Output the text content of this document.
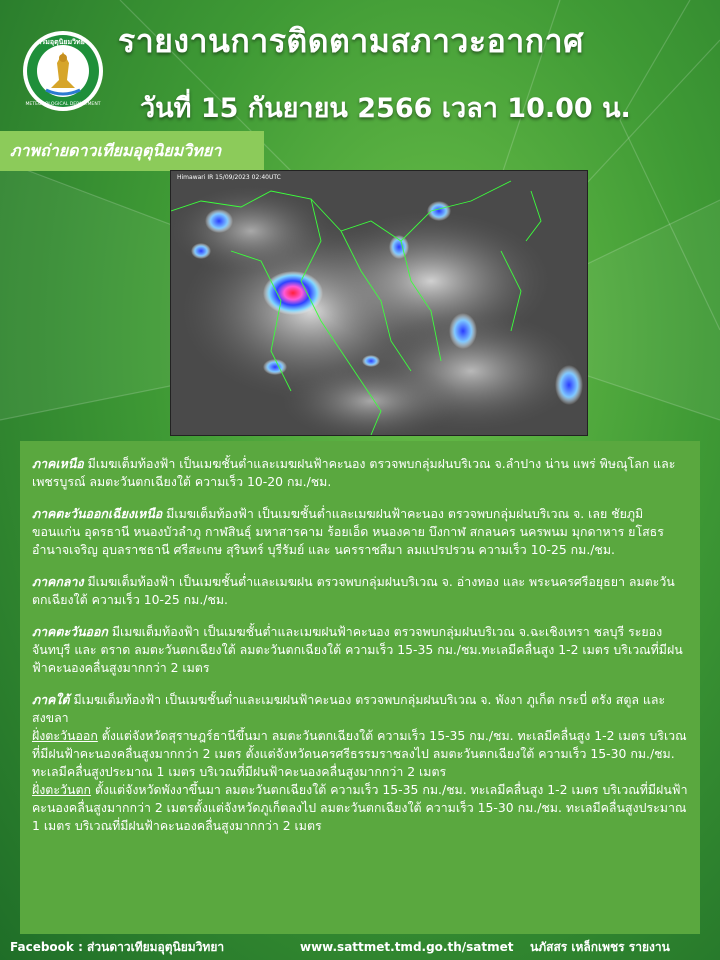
กรมอุตุนิยมวิทยา
METEOROLOGICAL DEPARTMENT
รายงานการติดตามสภาวะอากาศ
วันที่ 15 กันยายน 2566 เวลา 10.00 น.
ภาพถ่ายดาวเทียมอุตุนิยมวิทยา
Himawari IR 15/09/2023 02:40UTC

ภาคเหนือ มีเมฆเต็มท้องฟ้า เป็นเมฆชั้นต่ำและเมฆฝนฟ้าคะนอง ตรวจพบกลุ่มฝนบริเวณ จ.ลำปาง น่าน แพร่ พิษณุโลก และ เพชรบูรณ์ ลมตะวันตกเฉียงใต้ ความเร็ว 10-20 กม./ชม.

ภาคตะวันออกเฉียงเหนือ มีเมฆเต็มท้องฟ้า เป็นเมฆชั้นต่ำและเมฆฝนฟ้าคะนอง ตรวจพบกลุ่มฝนบริเวณ จ. เลย ชัยภูมิ ขอนแก่น อุดรธานี หนองบัวลำภู กาฬสินธุ์ มหาสารคาม ร้อยเอ็ด หนองคาย บึงกาฬ สกลนคร นครพนม มุกดาหาร ยโสธร อำนาจเจริญ อุบลราชธานี ศรีสะเกษ สุรินทร์ บุรีรัมย์ และ นครราชสีมา ลมแปรปรวน ความเร็ว 10-25 กม./ชม.

ภาคกลาง มีเมฆเต็มท้องฟ้า เป็นเมฆชั้นต่ำและเมฆฝน ตรวจพบกลุ่มฝนบริเวณ จ. อ่างทอง และ พระนครศรีอยุธยา ลมตะวันตกเฉียงใต้ ความเร็ว 10-25 กม./ชม.

ภาคตะวันออก มีเมฆเต็มท้องฟ้า เป็นเมฆชั้นต่ำและเมฆฝนฟ้าคะนอง ตรวจพบกลุ่มฝนบริเวณ จ.ฉะเชิงเทรา ชลบุรี ระยอง จันทบุรี และ ตราด ลมตะวันตกเฉียงใต้ ลมตะวันตกเฉียงใต้ ความเร็ว 15-35 กม./ชม.ทะเลมีคลื่นสูง 1-2 เมตร บริเวณที่มีฝนฟ้าคะนองคลื่นสูงมากกว่า 2 เมตร

ภาคใต้ มีเมฆเต็มท้องฟ้า เป็นเมฆชั้นต่ำและเมฆฝนฟ้าคะนอง ตรวจพบกลุ่มฝนบริเวณ จ. พังงา ภูเก็ต กระบี่ ตรัง สตูล และ สงขลา

ฝั่งตะวันออก ตั้งแต่จังหวัดสุราษฎร์ธานีขึ้นมา ลมตะวันตกเฉียงใต้ ความเร็ว 15-35 กม./ชม. ทะเลมีคลื่นสูง 1-2 เมตร บริเวณที่มีฝนฟ้าคะนองคลื่นสูงมากกว่า 2 เมตร ตั้งแต่จังหวัดนครศรีธรรมราชลงไป ลมตะวันตกเฉียงใต้ ความเร็ว 15-30 กม./ชม. ทะเลมีคลื่นสูงประมาณ 1 เมตร บริเวณที่มีฝนฟ้าคะนองคลื่นสูงมากกว่า 2 เมตร

ฝั่งตะวันตก ตั้งแต่จังหวัดพังงาขึ้นมา ลมตะวันตกเฉียงใต้ ความเร็ว 15-35 กม./ชม. ทะเลมีคลื่นสูง 1-2 เมตร บริเวณที่มีฝนฟ้าคะนองคลื่นสูงมากกว่า 2 เมตรตั้งแต่จังหวัดภูเก็ตลงไป ลมตะวันตกเฉียงใต้ ความเร็ว 15-30 กม./ชม. ทะเลมีคลื่นสูงประมาณ 1 เมตร บริเวณที่มีฝนฟ้าคะนองคลื่นสูงมากกว่า 2 เมตร

Facebook : ส่วนดาวเทียมอุตุนิยมวิทยา	www.sattmet.tmd.go.th/satmet นภัสสร เหล็กเพชร รายงาน
